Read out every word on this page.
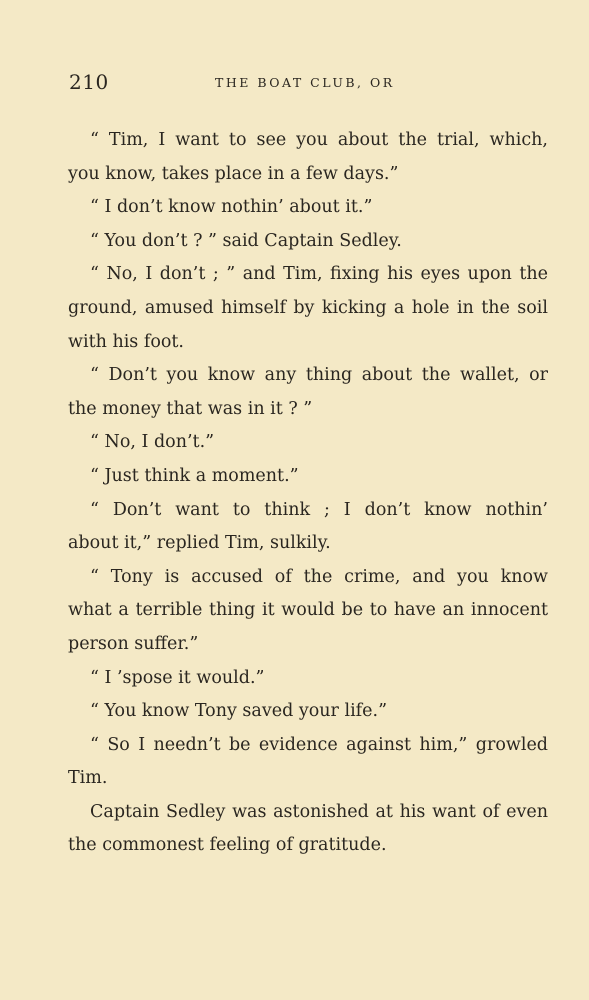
210	THE BOAT CLUB, OR
“ Tim, I want to see you about the trial, which,
you know, takes place in a few days.”
“ I don’t know nothin’ about it.”
“ You don’t ? ” said Captain Sedley.
“ No, I don’t ; ” and Tim, fixing his eyes upon the
ground, amused himself by kicking a hole in the soil
with his foot.
“ Don’t you know any thing about the wallet, or
the money that was in it ? ”
“ No, I don’t.”
“ Just think a moment.”
“ Don’t want to think ; I don’t know nothin’
about it,” replied Tim, sulkily.
“ Tony is accused of the crime, and you know
what a terrible thing it would be to have an innocent
person suffer.”
“ I ’spose it would.”
“ You know Tony saved your life.”
“ So I needn’t be evidence against him,” growled
Tim.
Captain Sedley was astonished at his want of even
the commonest feeling of gratitude.
